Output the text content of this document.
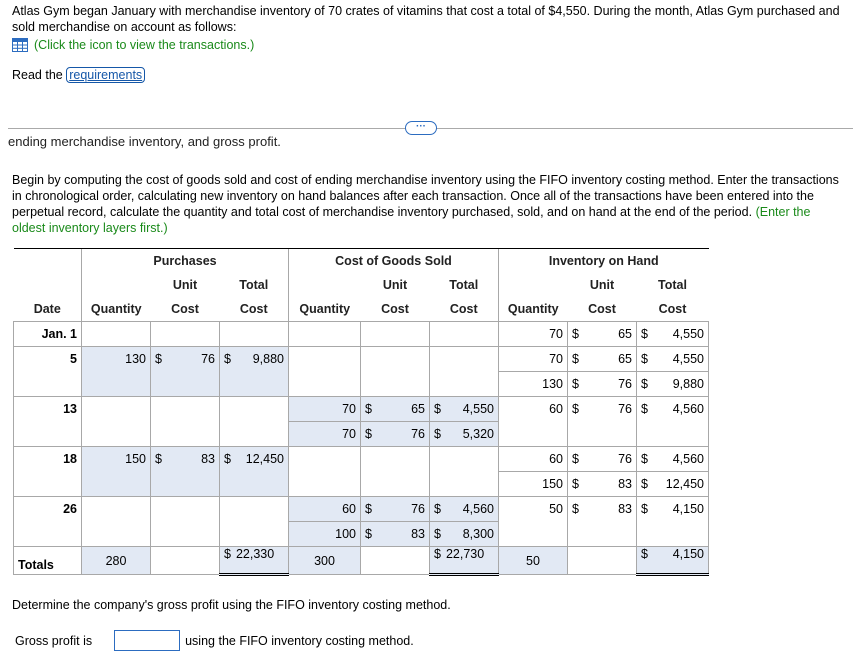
Atlas Gym began January with merchandise inventory of 70 crates of vitamins that cost a total of $4,550. During the month, Atlas Gym purchased and sold merchandise on account as follows:
(Click the icon to view the transactions.)
Read the requirements
···
ending merchandise inventory, and gross profit.
Begin by computing the cost of goods sold and cost of ending merchandise inventory using the FIFO inventory costing method. Enter the transactions in chronological order, calculating new inventory on hand balances after each transaction. Once all of the transactions have been entered into the perpetual record, calculate the quantity and total cost of merchandise inventory purchased, sold, and on hand at the end of the period. (Enter the oldest inventory layers first.)
	Purchases			Cost of Goods Sold			Inventory on Hand		
		Unit	Total		Unit	Total		Unit	Total
Date	Quantity	Cost	Cost	Quantity	Cost	Cost	Quantity	Cost	Cost
Jan. 1							70	$ 65	$ 4,550

5	130	$ 76	$ 9,880				70	$ 65	$ 4,550

							130	$ 76	$ 9,880

13				70	$ 65	$ 4,550	60	$ 76	$ 4,560

				70	$ 76	$ 5,320			

18	150	$ 83	$ 12,450				60	$ 76	$ 4,560

							150	$ 83	$ 12,450

26				60	$ 76	$ 4,560	50	$ 83	$ 4,150

				100	$ 83	$ 8,300			

Totals	280		$ 22,330	300		$ 22,730	50		$ 4,150
Determine the company's gross profit using the FIFO inventory costing method.
Gross profit is	using the FIFO inventory costing method.
